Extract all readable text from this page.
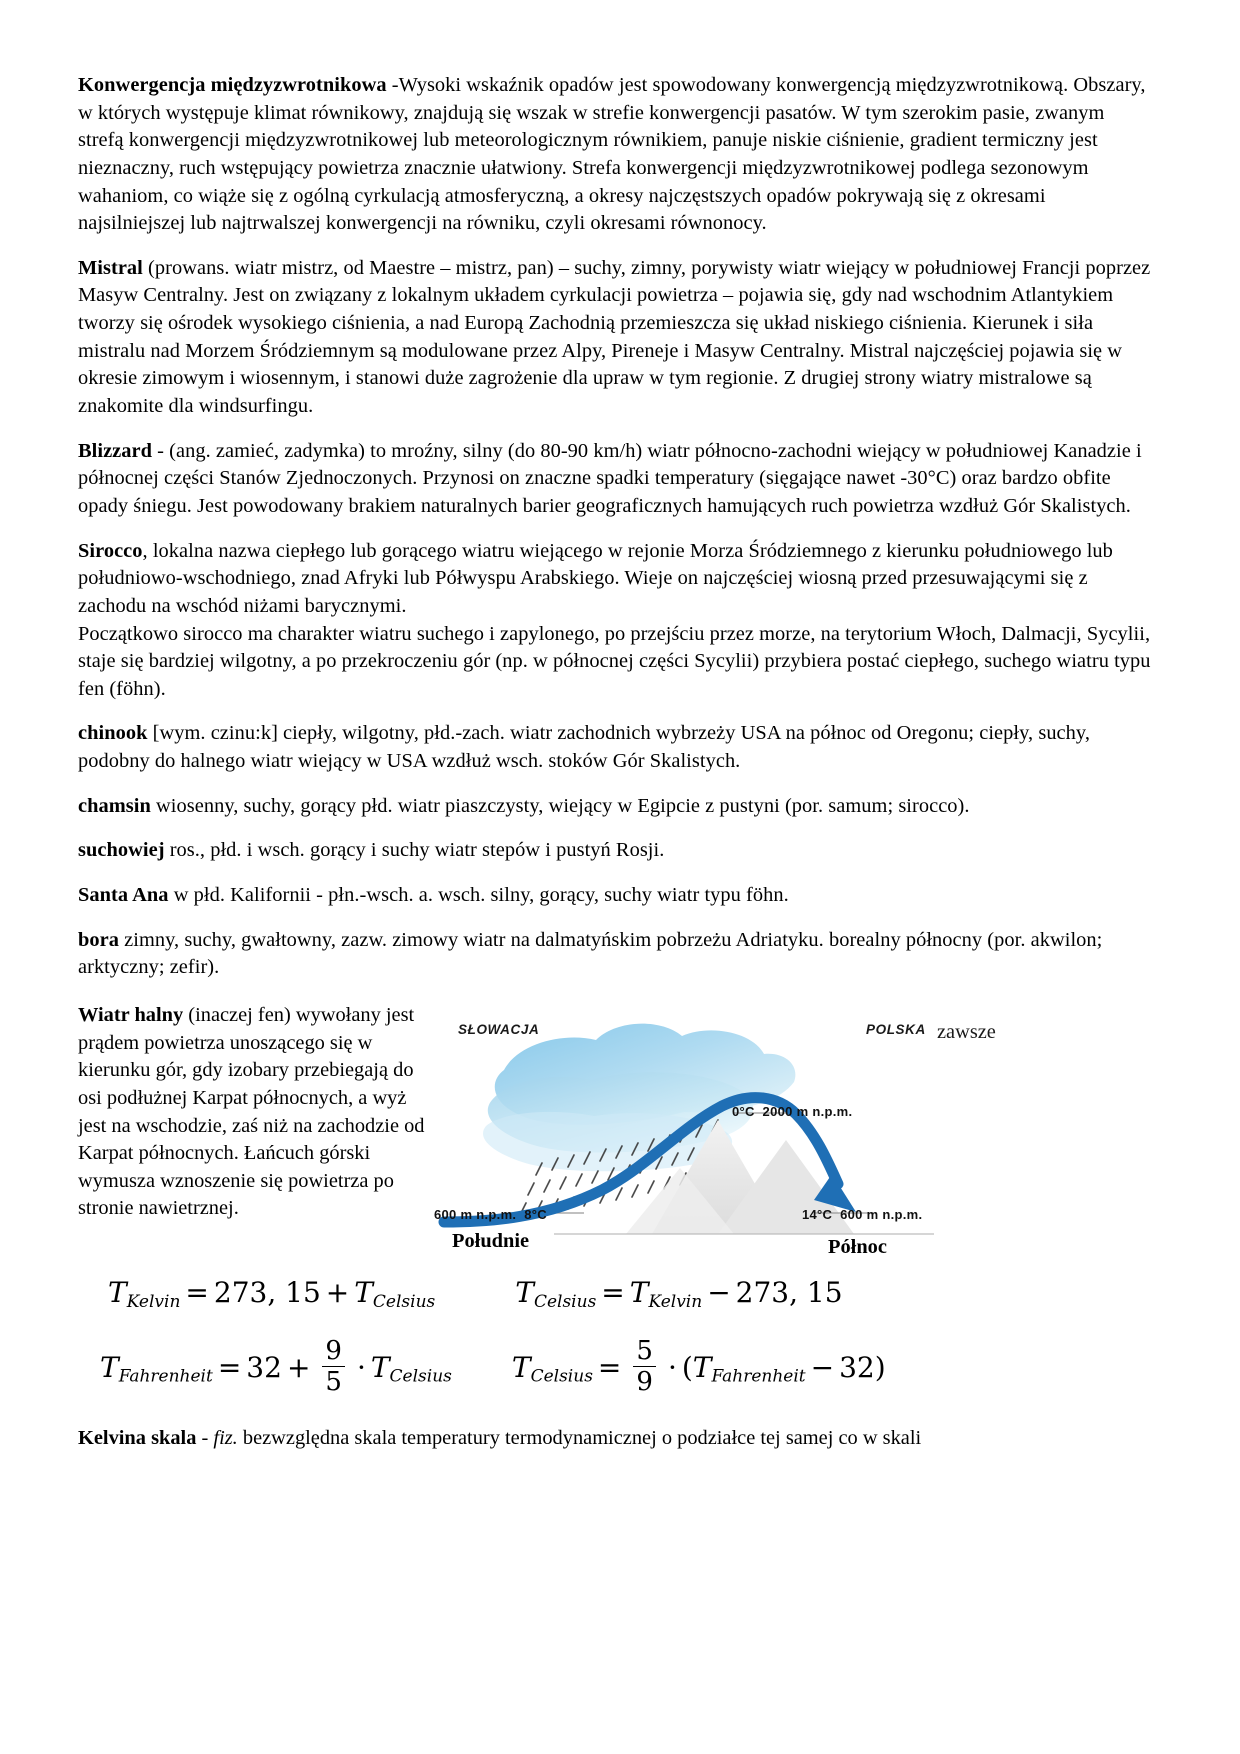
Konwergencja międzyzwrotnikowa -Wysoki wskaźnik opadów jest spowodowany konwergencją międzyzwrotnikową. Obszary, w których występuje klimat równikowy, znajdują się wszak w strefie konwergencji pasatów. W tym szerokim pasie, zwanym strefą konwergencji międzyzwrotnikowej lub meteorologicznym równikiem, panuje niskie ciśnienie, gradient termiczny jest nieznaczny, ruch wstępujący powietrza znacznie ułatwiony. Strefa konwergencji międzyzwrotnikowej podlega sezonowym wahaniom, co wiąże się z ogólną cyrkulacją atmosferyczną, a okresy najczęstszych opadów pokrywają się z okresami najsilniejszej lub najtrwalszej konwergencji na równiku, czyli okresami równonocy.

Mistral (prowans. wiatr mistrz, od Maestre – mistrz, pan) – suchy, zimny, porywisty wiatr wiejący w południowej Francji poprzez Masyw Centralny. Jest on związany z lokalnym układem cyrkulacji powietrza – pojawia się, gdy nad wschodnim Atlantykiem tworzy się ośrodek wysokiego ciśnienia, a nad Europą Zachodnią przemieszcza się układ niskiego ciśnienia. Kierunek i siła mistralu nad Morzem Śródziemnym są modulowane przez Alpy, Pireneje i Masyw Centralny. Mistral najczęściej pojawia się w okresie zimowym i wiosennym, i stanowi duże zagrożenie dla upraw w tym regionie. Z drugiej strony wiatry mistralowe są znakomite dla windsurfingu.

Blizzard - (ang. zamieć, zadymka) to mroźny, silny (do 80-90 km/h) wiatr północno-zachodni wiejący w południowej Kanadzie i północnej części Stanów Zjednoczonych. Przynosi on znaczne spadki temperatury (sięgające nawet -30°C) oraz bardzo obfite opady śniegu. Jest powodowany brakiem naturalnych barier geograficznych hamujących ruch powietrza wzdłuż Gór Skalistych.

Sirocco, lokalna nazwa ciepłego lub gorącego wiatru wiejącego w rejonie Morza Śródziemnego z kierunku południowego lub południowo-wschodniego, znad Afryki lub Półwyspu Arabskiego. Wieje on najczęściej wiosną przed przesuwającymi się z zachodu na wschód niżami barycznymi.

Początkowo sirocco ma charakter wiatru suchego i zapylonego, po przejściu przez morze, na terytorium Włoch, Dalmacji, Sycylii, staje się bardziej wilgotny, a po przekroczeniu gór (np. w północnej części Sycylii) przybiera postać ciepłego, suchego wiatru typu fen (föhn).

chinook [wym. czinu:k] ciepły, wilgotny, płd.-zach. wiatr zachodnich wybrzeży USA na północ od Oregonu; ciepły, suchy, podobny do halnego wiatr wiejący w USA wzdłuż wsch. stoków Gór Skalistych.

chamsin wiosenny, suchy, gorący płd. wiatr piaszczysty, wiejący w Egipcie z pustyni (por. samum; sirocco).

suchowiej ros., płd. i wsch. gorący i suchy wiatr stepów i pustyń Rosji.

Santa Ana w płd. Kalifornii - płn.-wsch. a. wsch. silny, gorący, suchy wiatr typu föhn.

bora zimny, suchy, gwałtowny, zazw. zimowy wiatr na dalmatyńskim pobrzeżu Adriatyku. borealny północny (por. akwilon; arktyczny; zefir).

Wiatr halny (inaczej fen) wywołany jest prądem powietrza unoszącego się w kierunku gór, gdy izobary przebiegają do osi podłużnej Karpat północnych, a wyż jest na wschodzie, zaś niż na zachodzie od Karpat północnych. Łańcuch górski wymusza wznoszenie się powietrza po stronie nawietrznej.
SŁOWACJA	POLSKA zawsze
0°C 2000 m n.p.m.
600 m n.p.m. 8°C	14°C 600 m n.p.m.
Południe	Północ
$T_{Kelvin} = 273$, $15 + T_{Celsius}$	$T_{Celsius} = T_{Kelvin} - 273$, 15
$T_{Fahrenheit} = 32 + \frac{9}{5} \cdot T_{Celsius}$ $T_{Celsius} = \frac{5}{9} \cdot (T_{Fahrenheit} - 32)$

Kelvina skala - fiz. bezwzględna skala temperatury termodynamicznej o podziałce tej samej co w skali
